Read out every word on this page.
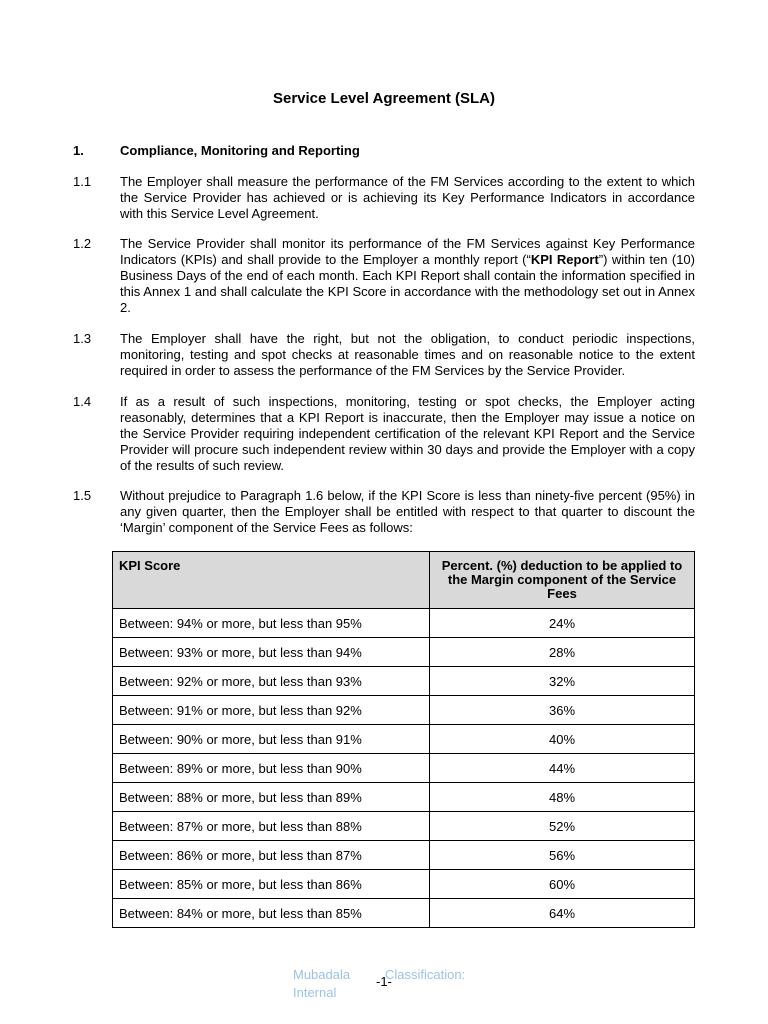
Service Level Agreement (SLA)
1.	Compliance, Monitoring and Reporting
1.1 The Employer shall measure the performance of the FM Services according to the extent to which the Service Provider has achieved or is achieving its Key Performance Indicators in accordance with this Service Level Agreement.
1.2 The Service Provider shall monitor its performance of the FM Services against Key Performance Indicators (KPIs) and shall provide to the Employer a monthly report (“KPI Report”) within ten (10) Business Days of the end of each month. Each KPI Report shall contain the information specified in this Annex 1 and shall calculate the KPI Score in accordance with the methodology set out in Annex 2.
1.3 The Employer shall have the right, but not the obligation, to conduct periodic inspections, monitoring, testing and spot checks at reasonable times and on reasonable notice to the extent required in order to assess the performance of the FM Services by the Service Provider.
1.4 If as a result of such inspections, monitoring, testing or spot checks, the Employer acting reasonably, determines that a KPI Report is inaccurate, then the Employer may issue a notice on the Service Provider requiring independent certification of the relevant KPI Report and the Service Provider will procure such independent review within 30 days and provide the Employer with a copy of the results of such review.
1.5 Without prejudice to Paragraph 1.6 below, if the KPI Score is less than ninety-five percent (95%) in any given quarter, then the Employer shall be entitled with respect to that quarter to discount the ‘Margin’ component of the Service Fees as follows:
KPI Score	Percent. (%) deduction to be applied to the Margin component of the Service Fees
Between: 94% or more, but less than 95%	24%
Between: 93% or more, but less than 94%	28%
Between: 92% or more, but less than 93%	32%
Between: 91% or more, but less than 92%	36%
Between: 90% or more, but less than 91%	40%
Between: 89% or more, but less than 90%	44%
Between: 88% or more, but less than 89%	48%
Between: 87% or more, but less than 88%	52%
Between: 86% or more, but less than 87%	56%
Between: 85% or more, but less than 86%	60%
Between: 84% or more, but less than 85%	64%
Mubadala
Internal
Classification:
-1-
